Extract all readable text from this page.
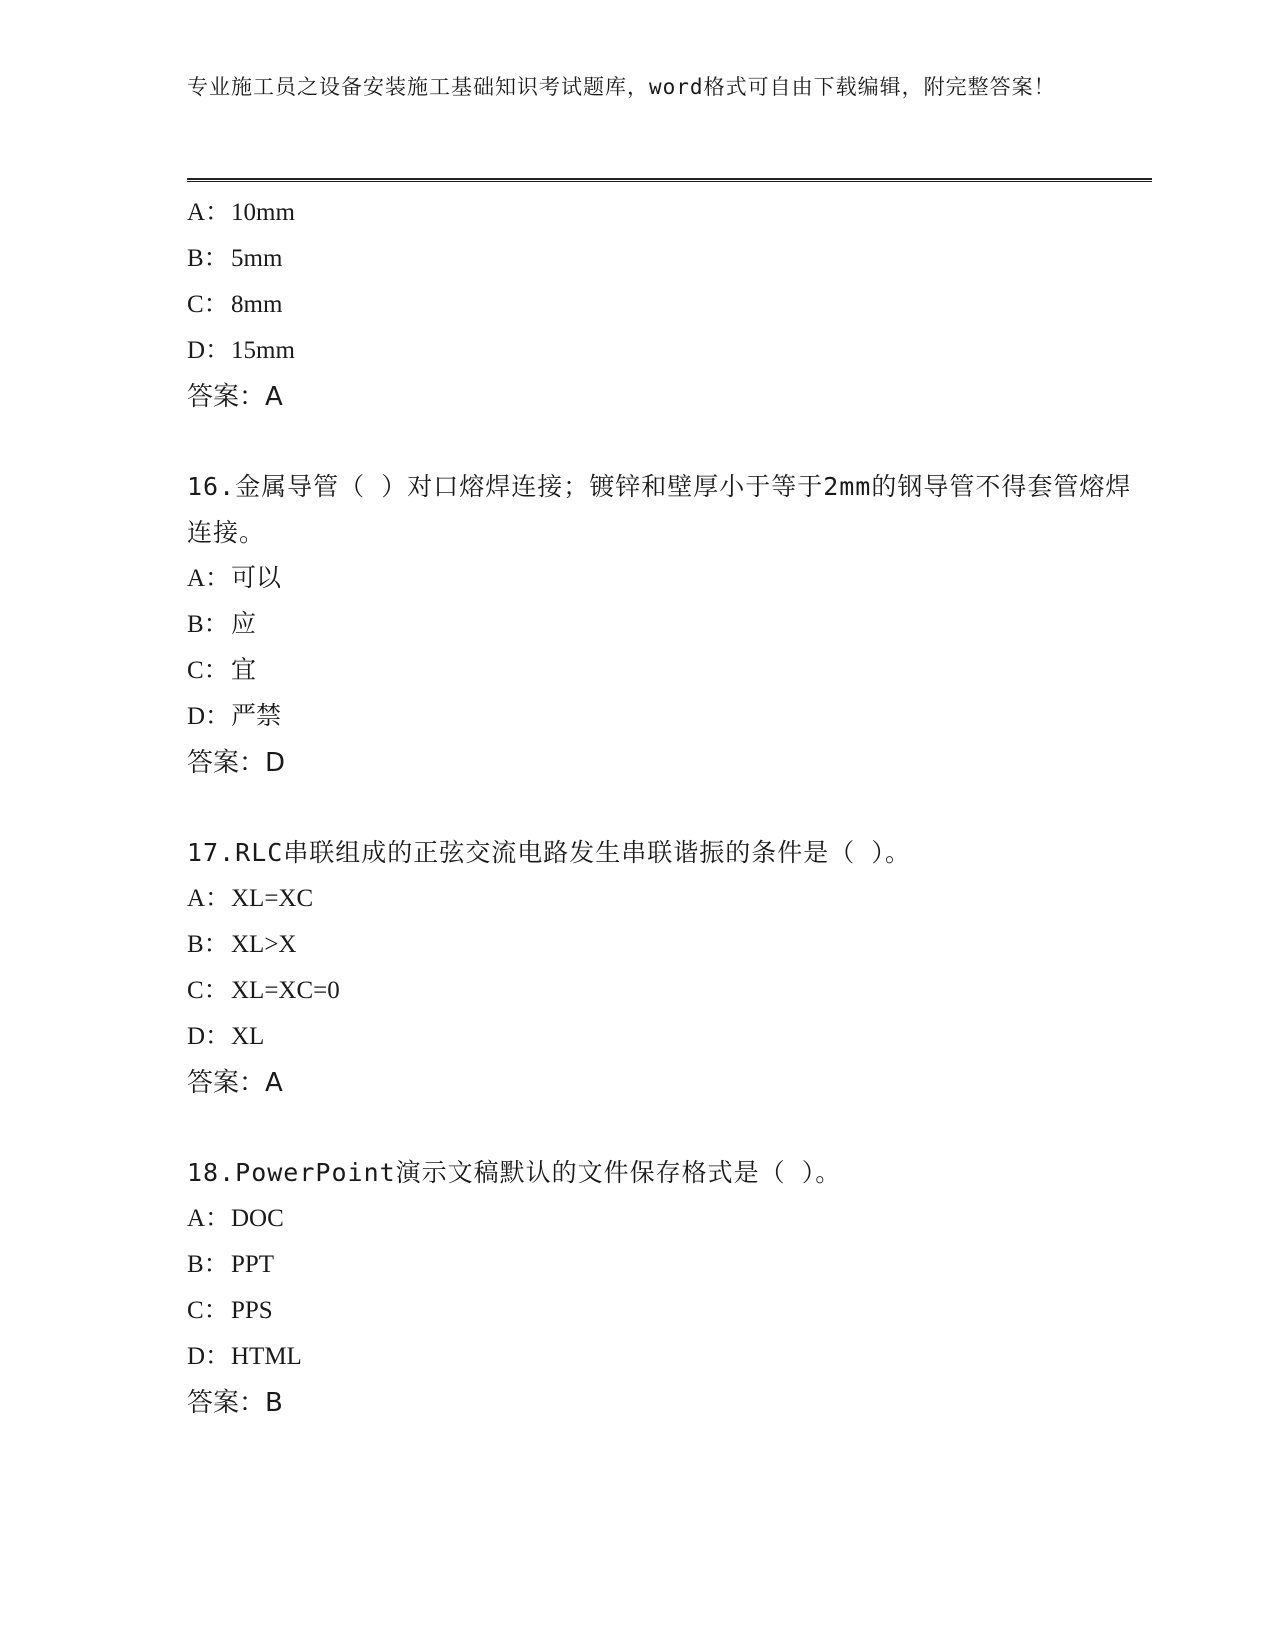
专业施工员之设备安装施工基础知识考试题库，word格式可自由下载编辑，附完整答案！

A：10mm

B：5mm

C：8mm

D：15mm

答案：A

16.金属导管（ ）对口熔焊连接；镀锌和壁厚小于等于2mm的钢导管不得套管熔焊连接。

A：可以

B：应

C：宜

D：严禁

答案：D

17.RLC串联组成的正弦交流电路发生串联谐振的条件是（ ）。

A：XL=XC

B：XL>X

C：XL=XC=0

D：XL

答案：A

18.PowerPoint演示文稿默认的文件保存格式是（ ）。

A：DOC

B：PPT

C：PPS

D：HTML

答案：B
